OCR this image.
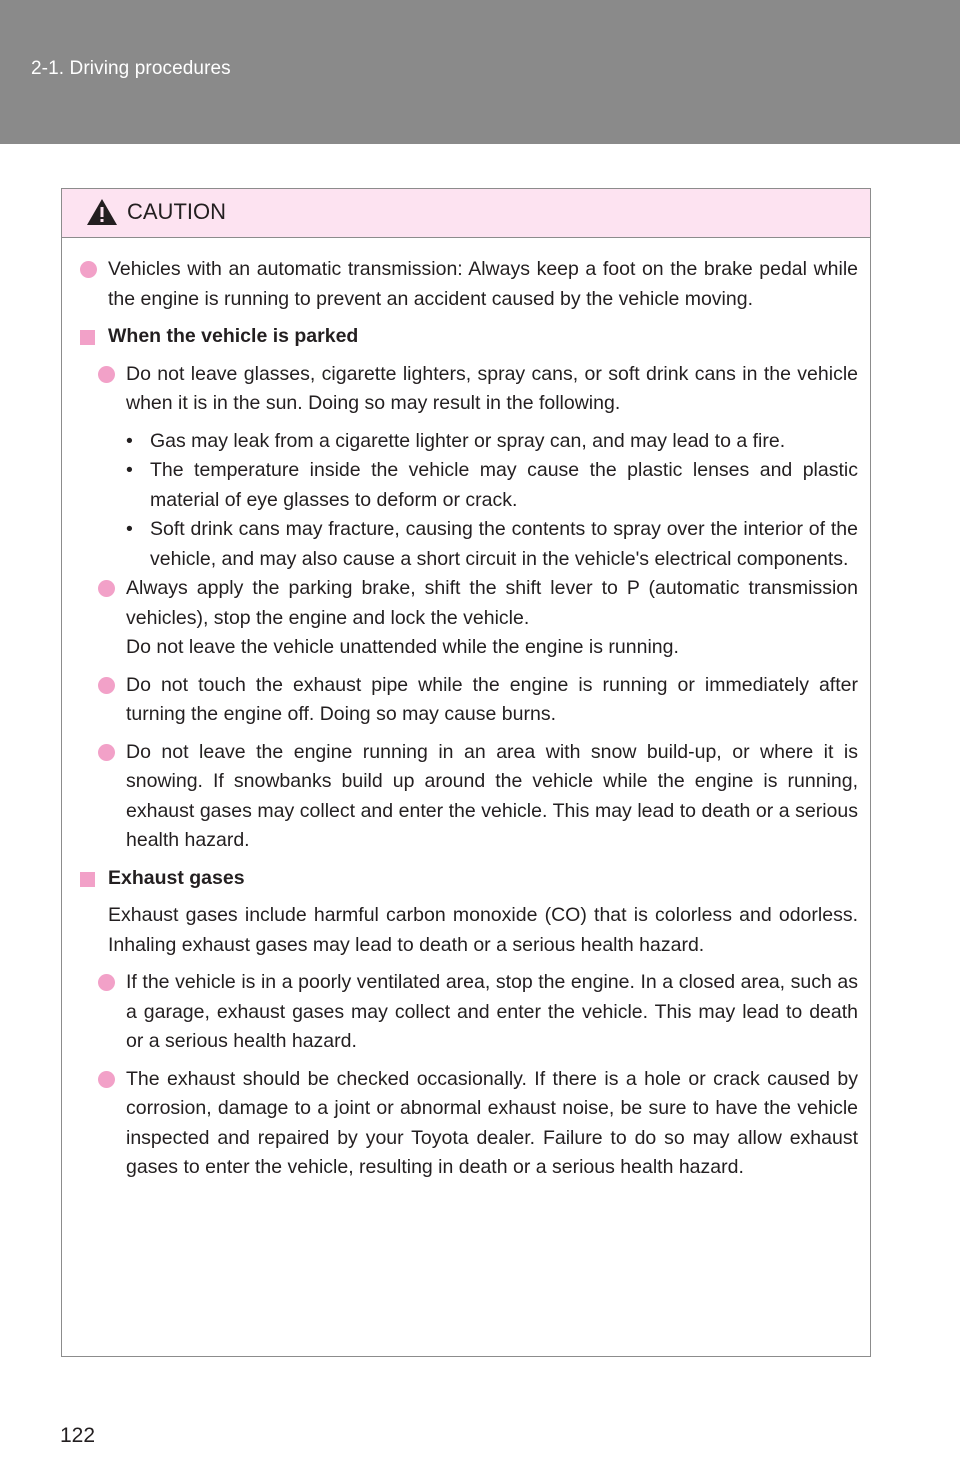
2-1. Driving procedures
CAUTION

Vehicles with an automatic transmission: Always keep a foot on the brake pedal while the engine is running to prevent an accident caused by the vehicle moving.

When the vehicle is parked

Do not leave glasses, cigarette lighters, spray cans, or soft drink cans in the vehicle when it is in the sun. Doing so may result in the following.

• Gas may leak from a cigarette lighter or spray can, and may lead to a fire.
• The temperature inside the vehicle may cause the plastic lenses and plastic material of eye glasses to deform or crack.
• Soft drink cans may fracture, causing the contents to spray over the interior of the vehicle, and may also cause a short circuit in the vehicle's electrical components.

Always apply the parking brake, shift the shift lever to P (automatic transmission vehicles), stop the engine and lock the vehicle.
Do not leave the vehicle unattended while the engine is running.

Do not touch the exhaust pipe while the engine is running or immediately after turning the engine off. Doing so may cause burns.

Do not leave the engine running in an area with snow build-up, or where it is snowing. If snowbanks build up around the vehicle while the engine is running, exhaust gases may collect and enter the vehicle. This may lead to death or a serious health hazard.

Exhaust gases

Exhaust gases include harmful carbon monoxide (CO) that is colorless and odorless. Inhaling exhaust gases may lead to death or a serious health hazard.

If the vehicle is in a poorly ventilated area, stop the engine. In a closed area, such as a garage, exhaust gases may collect and enter the vehicle. This may lead to death or a serious health hazard.

The exhaust should be checked occasionally. If there is a hole or crack caused by corrosion, damage to a joint or abnormal exhaust noise, be sure to have the vehicle inspected and repaired by your Toyota dealer. Failure to do so may allow exhaust gases to enter the vehicle, resulting in death or a serious health hazard.

122
